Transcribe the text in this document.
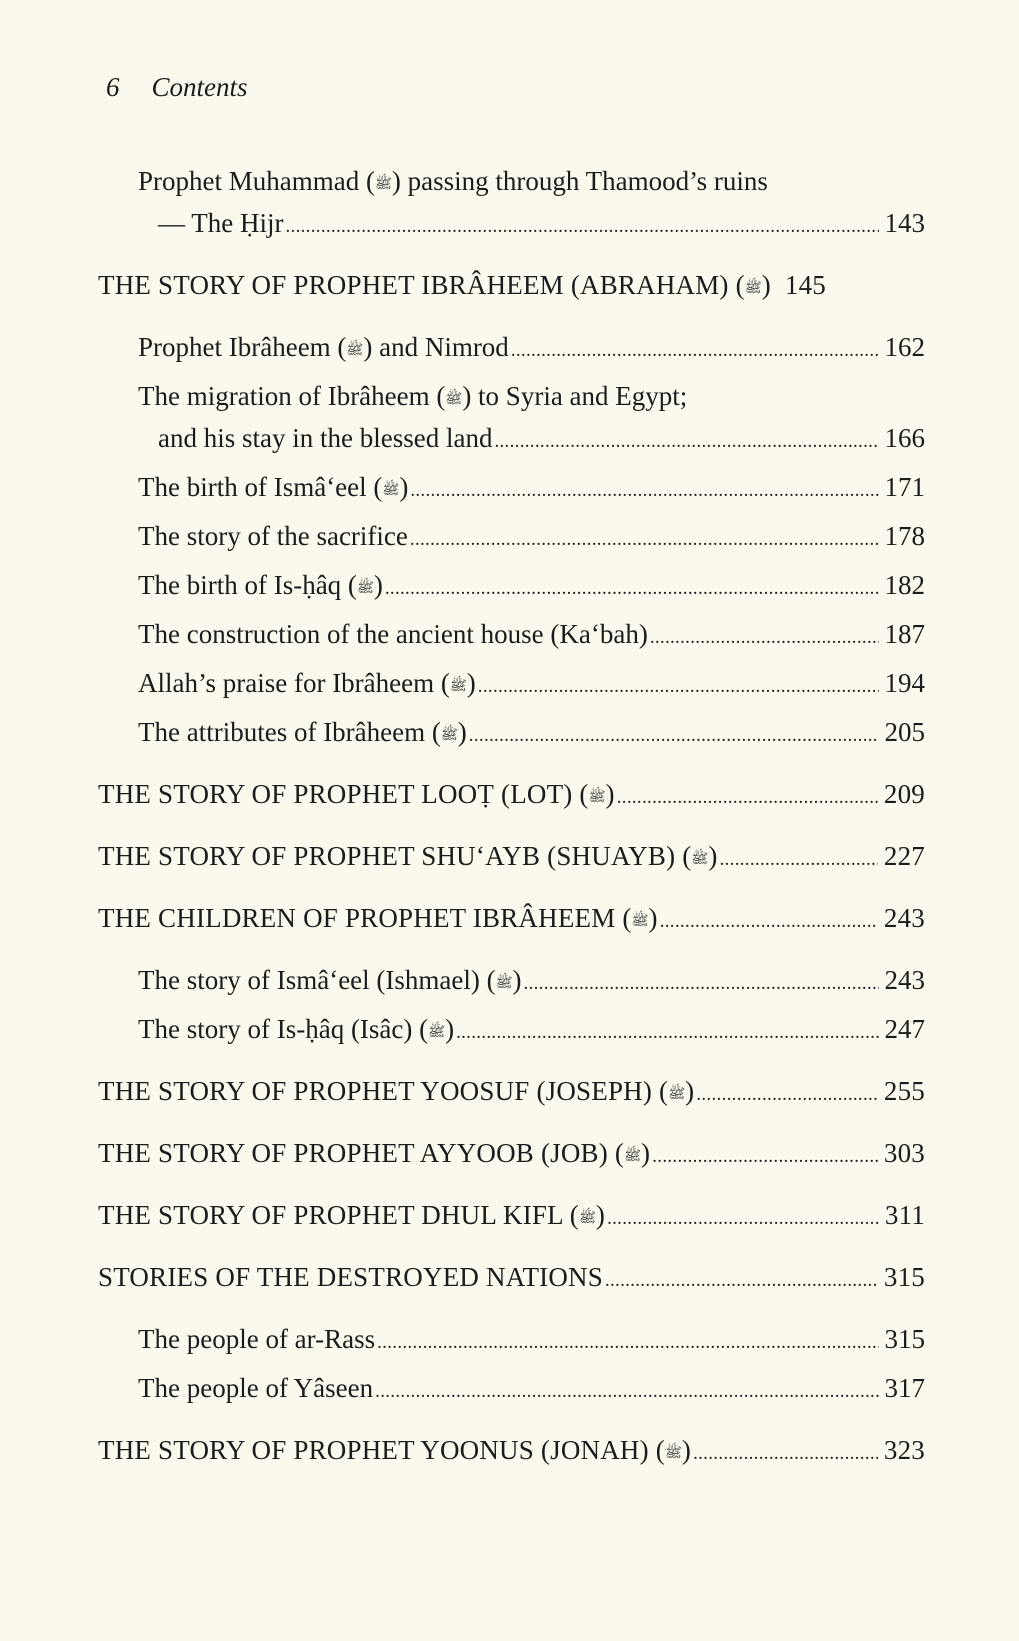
6 Contents
Prophet Muhammad (ﷺ) passing through Thamood’s ruins
— The Ḥijr .....	143
THE STORY OF PROPHET IBRÂHEEM (ABRAHAM) (ﷺ) 145
Prophet Ibrâheem (ﷺ) and Nimrod .....	162
The migration of Ibrâheem (ﷺ) to Syria and Egypt;
and his stay in the blessed land .....	166
The birth of Ismâ‘eel (ﷺ) .....	171
The story of the sacrifice .....	178
The birth of Is-ḥâq (ﷺ) .....	182
The construction of the ancient house (Ka‘bah) .....	187
Allah’s praise for Ibrâheem (ﷺ) .....	194
The attributes of Ibrâheem (ﷺ) .....	205
THE STORY OF PROPHET LOOṬ (LOT) (ﷺ) .....	209
THE STORY OF PROPHET SHU‘AYB (SHUAYB) (ﷺ) .....	227
THE CHILDREN OF PROPHET IBRÂHEEM (ﷺ) .....	243
The story of Ismâ‘eel (Ishmael) (ﷺ) .....	243
The story of Is-ḥâq (Isâc) (ﷺ) .....	247
THE STORY OF PROPHET YOOSUF (JOSEPH) (ﷺ) .....	255
THE STORY OF PROPHET AYYOOB (JOB) (ﷺ) .....	303
THE STORY OF PROPHET DHUL KIFL (ﷺ) .....	311
STORIES OF THE DESTROYED NATIONS .....	315
The people of ar-Rass .....	315
The people of Yâseen .....	317
THE STORY OF PROPHET YOONUS (JONAH) (ﷺ) .....	323
